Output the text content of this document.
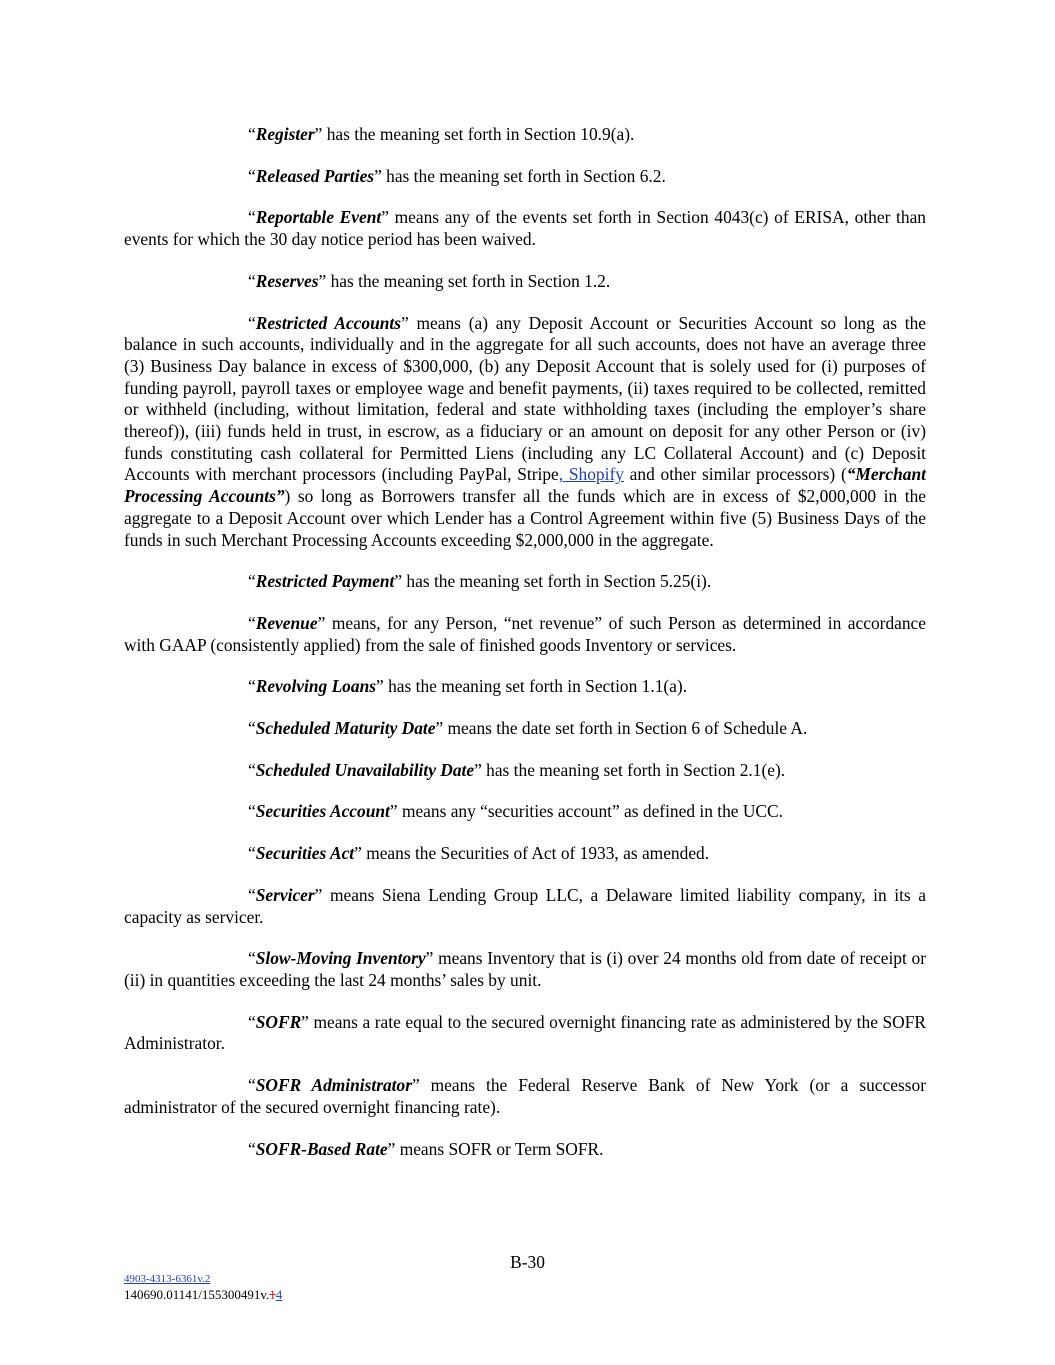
“Register” has the meaning set forth in Section 10.9(a).

“Released Parties” has the meaning set forth in Section 6.2.

“Reportable Event” means any of the events set forth in Section 4043(c) of ERISA, other than events for which the 30 day notice period has been waived.

“Reserves” has the meaning set forth in Section 1.2.

“Restricted Accounts” means (a) any Deposit Account or Securities Account so long as the balance in such accounts, individually and in the aggregate for all such accounts, does not have an average three (3) Business Day balance in excess of $300,000, (b) any Deposit Account that is solely used for (i) purposes of funding payroll, payroll taxes or employee wage and benefit payments, (ii) taxes required to be collected, remitted or withheld (including, without limitation, federal and state withholding taxes (including the employer’s share thereof)), (iii) funds held in trust, in escrow, as a fiduciary or an amount on deposit for any other Person or (iv) funds constituting cash collateral for Permitted Liens (including any LC Collateral Account) and (c) Deposit Accounts with merchant processors (including PayPal, Stripe, Shopify and other similar processors) (“Merchant Processing Accounts”) so long as Borrowers transfer all the funds which are in excess of $2,000,000 in the aggregate to a Deposit Account over which Lender has a Control Agreement within five (5) Business Days of the funds in such Merchant Processing Accounts exceeding $2,000,000 in the aggregate.

“Restricted Payment” has the meaning set forth in Section 5.25(i).

“Revenue” means, for any Person, “net revenue” of such Person as determined in accordance with GAAP (consistently applied) from the sale of finished goods Inventory or services.

“Revolving Loans” has the meaning set forth in Section 1.1(a).

“Scheduled Maturity Date” means the date set forth in Section 6 of Schedule A.

“Scheduled Unavailability Date” has the meaning set forth in Section 2.1(e).

“Securities Account” means any “securities account” as defined in the UCC.

“Securities Act” means the Securities of Act of 1933, as amended.

“Servicer” means Siena Lending Group LLC, a Delaware limited liability company, in its a capacity as servicer.

“Slow-Moving Inventory” means Inventory that is (i) over 24 months old from date of receipt or (ii) in quantities exceeding the last 24 months’ sales by unit.

“SOFR” means a rate equal to the secured overnight financing rate as administered by the SOFR Administrator.

“SOFR Administrator” means the Federal Reserve Bank of New York (or a successor administrator of the secured overnight financing rate).

“SOFR-Based Rate” means SOFR or Term SOFR.

B-30
4903-4313-6361v.2
140690.01141/155300491v.14
